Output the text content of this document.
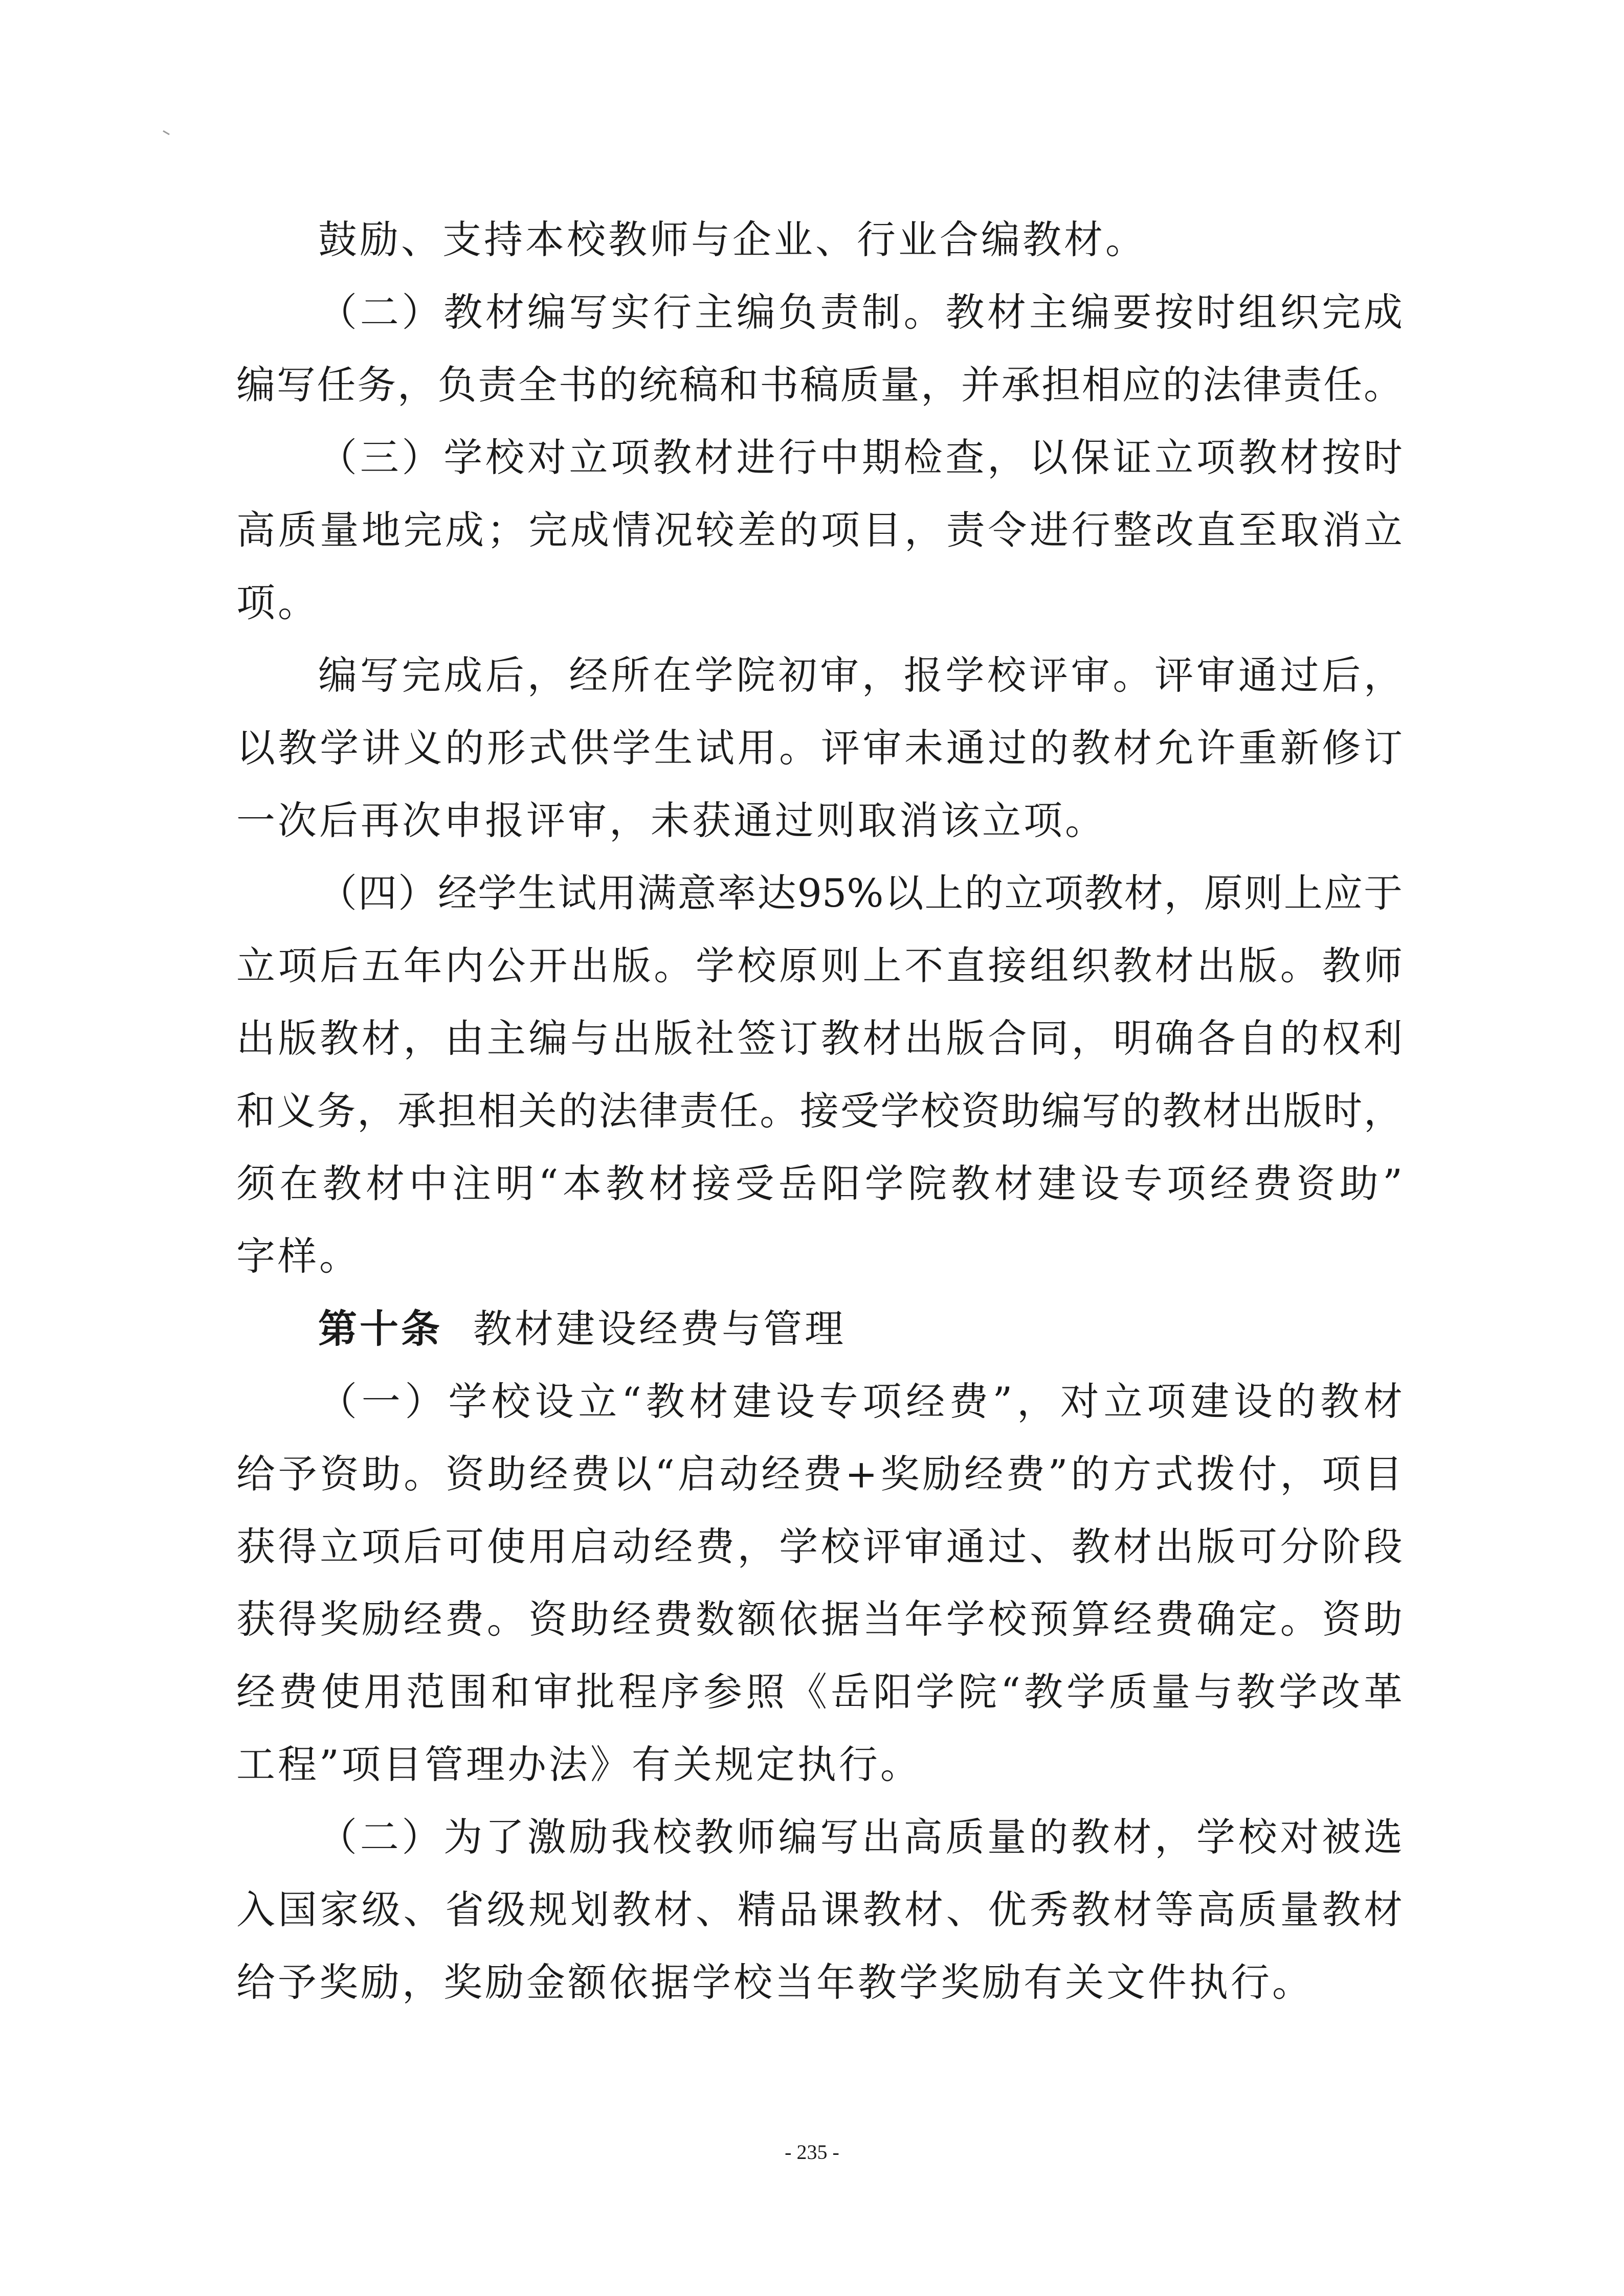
鼓励、支持本校教师与企业、行业合编教材。
（二）教材编写实行主编负责制。教材主编要按时组织完成
编写任务，负责全书的统稿和书稿质量，并承担相应的法律责任。
（三）学校对立项教材进行中期检查，以保证立项教材按时
高质量地完成；完成情况较差的项目，责令进行整改直至取消立
项。
编写完成后，经所在学院初审，报学校评审。评审通过后，
以教学讲义的形式供学生试用。评审未通过的教材允许重新修订
一次后再次申报评审，未获通过则取消该立项。
（四）经学生试用满意率达95%以上的立项教材，原则上应于
立项后五年内公开出版。学校原则上不直接组织教材出版。教师
出版教材，由主编与出版社签订教材出版合同，明确各自的权利
和义务，承担相关的法律责任。接受学校资助编写的教材出版时，
须在教材中注明“本教材接受岳阳学院教材建设专项经费资助”
字样。
第十条 教材建设经费与管理
（一）学校设立“教材建设专项经费”，对立项建设的教材
给予资助。资助经费以“启动经费+奖励经费”的方式拨付，项目
获得立项后可使用启动经费，学校评审通过、教材出版可分阶段
获得奖励经费。资助经费数额依据当年学校预算经费确定。资助
经费使用范围和审批程序参照《岳阳学院“教学质量与教学改革
工程”项目管理办法》有关规定执行。
（二）为了激励我校教师编写出高质量的教材，学校对被选
入国家级、省级规划教材、精品课教材、优秀教材等高质量教材
给予奖励，奖励金额依据学校当年教学奖励有关文件执行。
- 235 -
